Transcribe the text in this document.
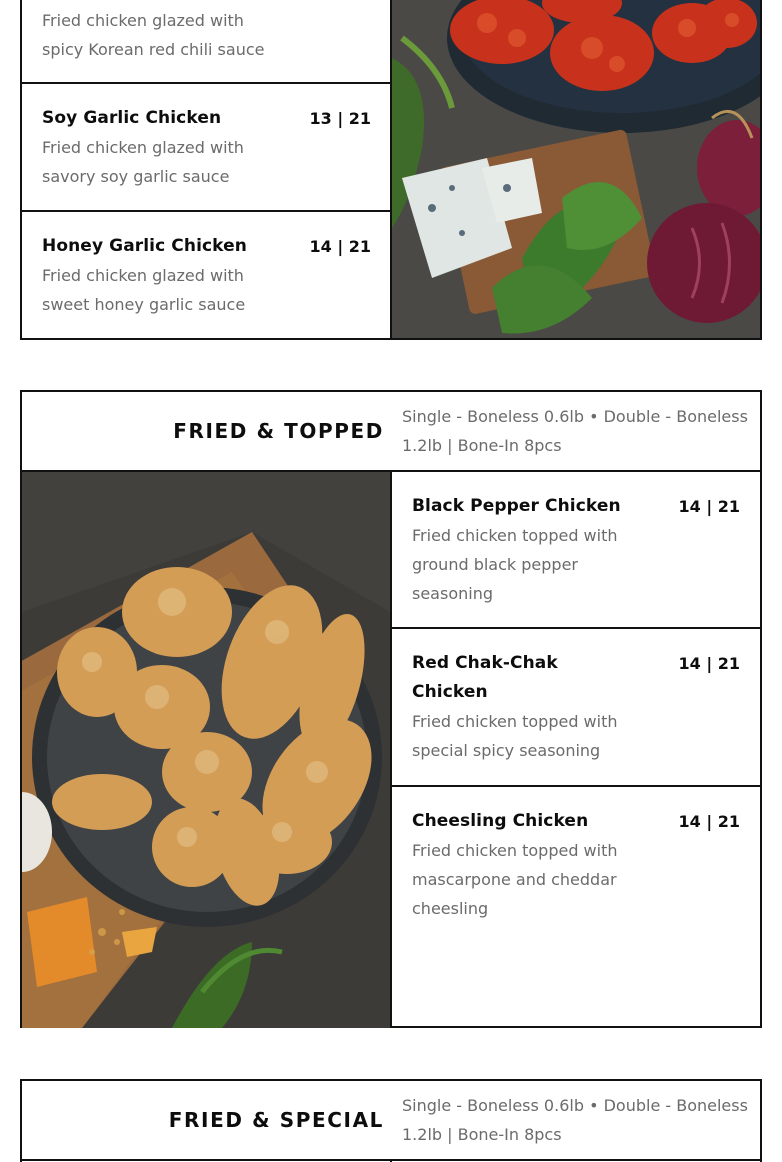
Fried chicken glazed with spicy Korean red chili sauce
Soy Garlic Chicken	13 | 21
Fried chicken glazed with savory soy garlic sauce
Honey Garlic Chicken	14 | 21
Fried chicken glazed with sweet honey garlic sauce
FRIED & TOPPED
Single - Boneless 0.6lb • Double - Boneless 1.2lb | Bone-In 8pcs
Black Pepper Chicken	14 | 21
Fried chicken topped with ground black pepper seasoning
Red Chak-Chak Chicken
14 | 21
Fried chicken topped with special spicy seasoning
Cheesling Chicken	14 | 21
Fried chicken topped with mascarpone and cheddar cheesling
FRIED & SPECIAL
Single - Boneless 0.6lb • Double - Boneless 1.2lb | Bone-In 8pcs
